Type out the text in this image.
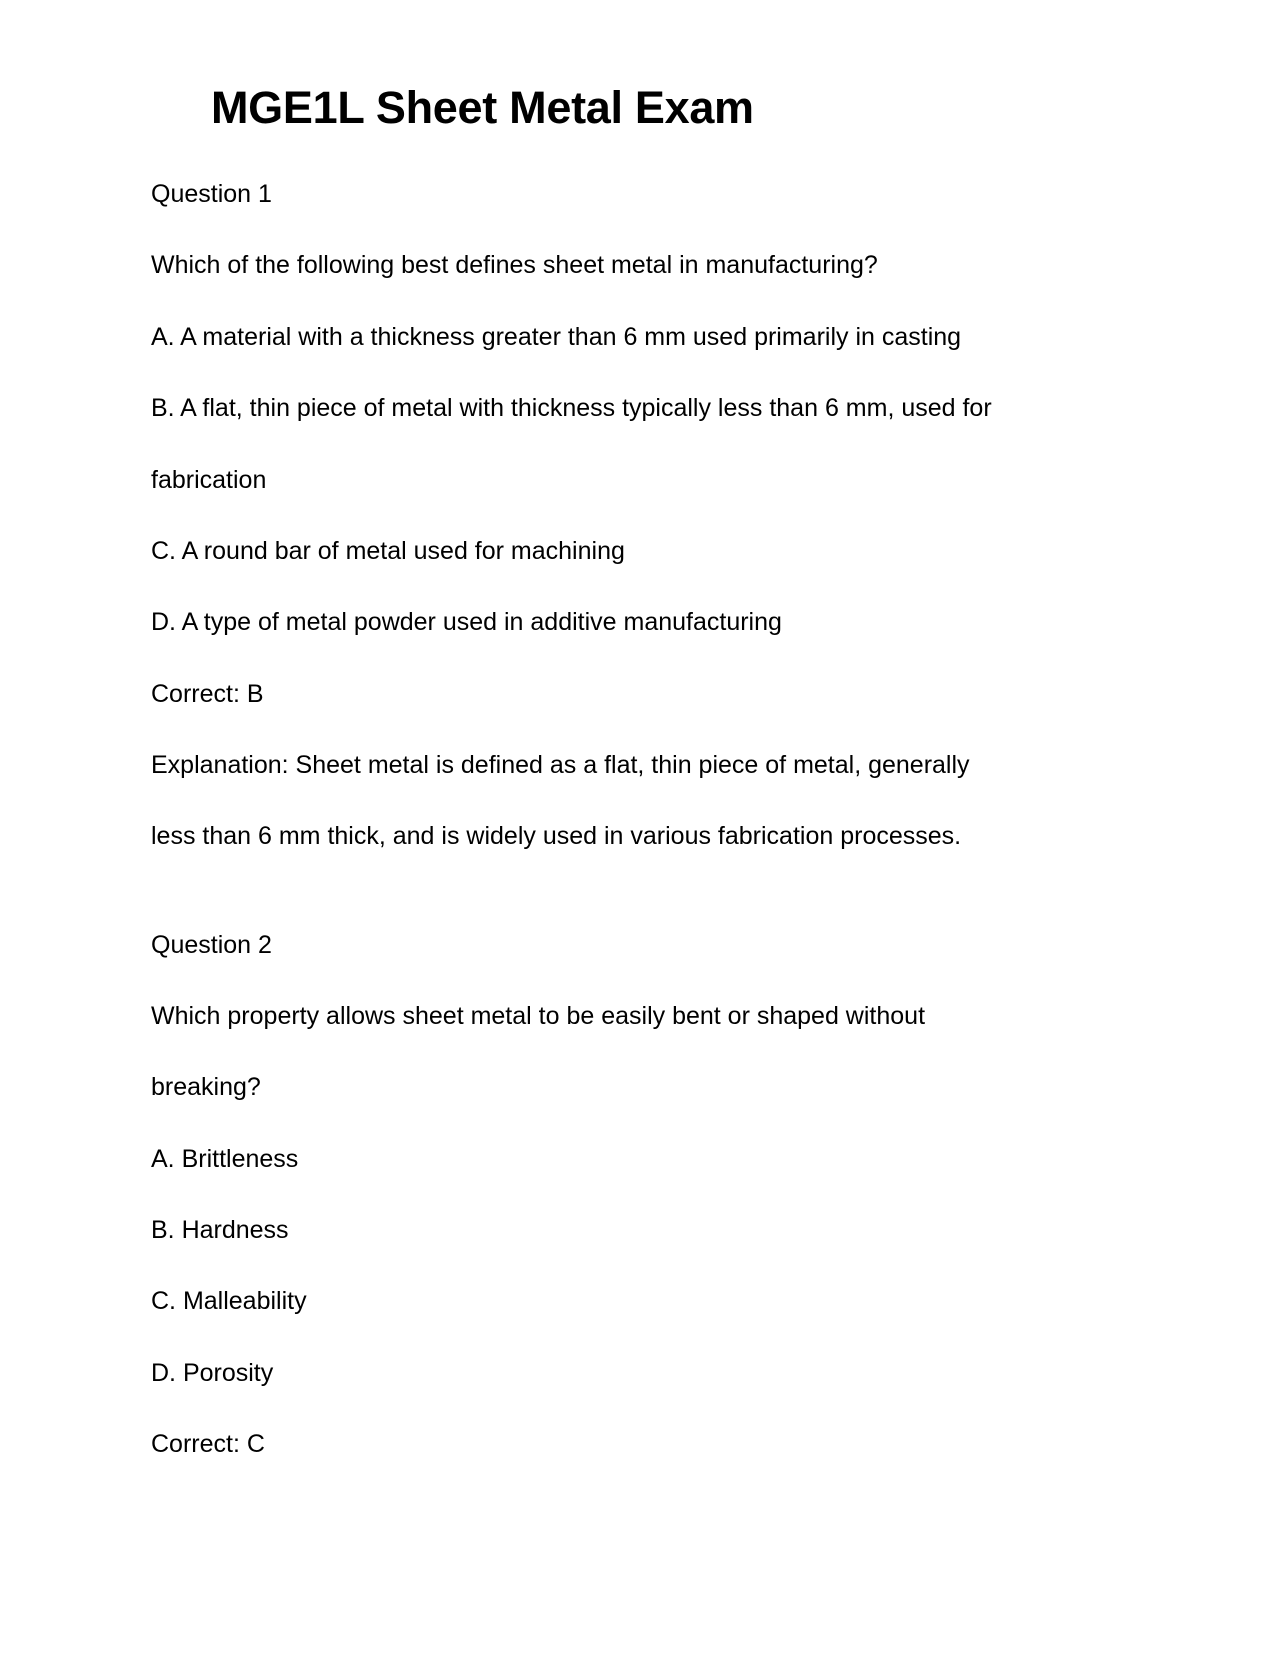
MGE1L Sheet Metal Exam

Question 1

Which of the following best defines sheet metal in manufacturing?

A. A material with a thickness greater than 6 mm used primarily in casting

B. A flat, thin piece of metal with thickness typically less than 6 mm, used for

fabrication

C. A round bar of metal used for machining

D. A type of metal powder used in additive manufacturing

Correct: B

Explanation: Sheet metal is defined as a flat, thin piece of metal, generally

less than 6 mm thick, and is widely used in various fabrication processes.

Question 2

Which property allows sheet metal to be easily bent or shaped without

breaking?

A. Brittleness

B. Hardness

C. Malleability

D. Porosity

Correct: C
